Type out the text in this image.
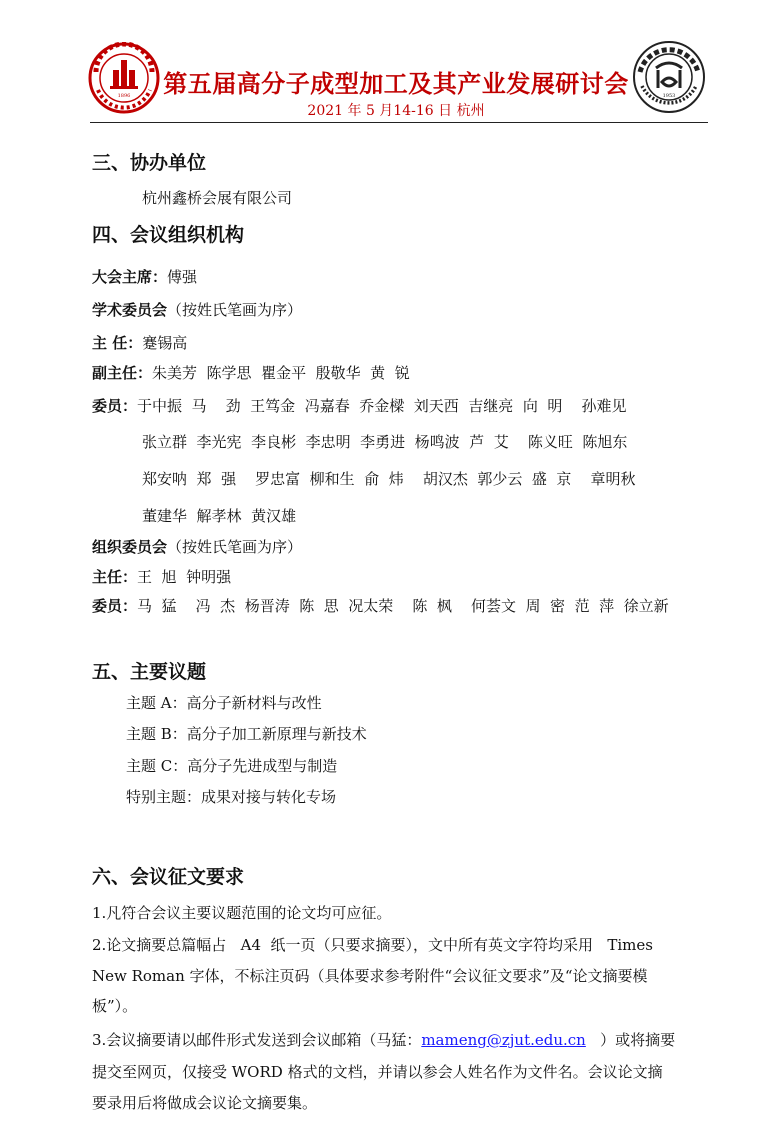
1896 第五届高分子成型加工及其产业发展研讨会
2021 年 5 月14-16 日 杭州
1953
三、协办单位
杭州鑫桥会展有限公司
四、会议组织机构
大会主席：傅强
学术委员会（按姓氏笔画为序）
主 任：蹇锡高
副主任：朱美芳  陈学思  瞿金平  殷敬华  黄  锐
委员：于中振  马    劲  王笃金  冯嘉春  乔金樑  刘天西  吉继亮  向  明    孙难见
张立群  李光宪  李良彬  李忠明  李勇进  杨鸣波  芦  艾    陈义旺  陈旭东
郑安呐  郑  强    罗忠富  柳和生  俞  炜    胡汉杰  郭少云  盛  京    章明秋
董建华  解孝林  黄汉雄
组织委员会（按姓氏笔画为序）
主任：王  旭  钟明强
委员：马  猛    冯  杰  杨晋涛  陈  思  况太荣    陈  枫    何荟文  周  密  范  萍  徐立新
五、主要议题
主题 A：高分子新材料与改性
主题 B：高分子加工新原理与新技术
主题 C：高分子先进成型与制造
特别主题：成果对接与转化专场
六、会议征文要求
1.凡符合会议主要议题范围的论文均可应征。
2.论文摘要总篇幅占   A4  纸一页（只要求摘要），文中所有英文字符均采用   Times
New Roman 字体，不标注页码（具体要求参考附件“会议征文要求”及“论文摘要模
板”）。
3.会议摘要请以邮件形式发送到会议邮箱（马猛：mameng@zjut.edu.cn   ）或将摘要
提交至网页，仅接受 WORD 格式的文档，并请以参会人姓名作为文件名。会议论文摘
要录用后将做成会议论文摘要集。
